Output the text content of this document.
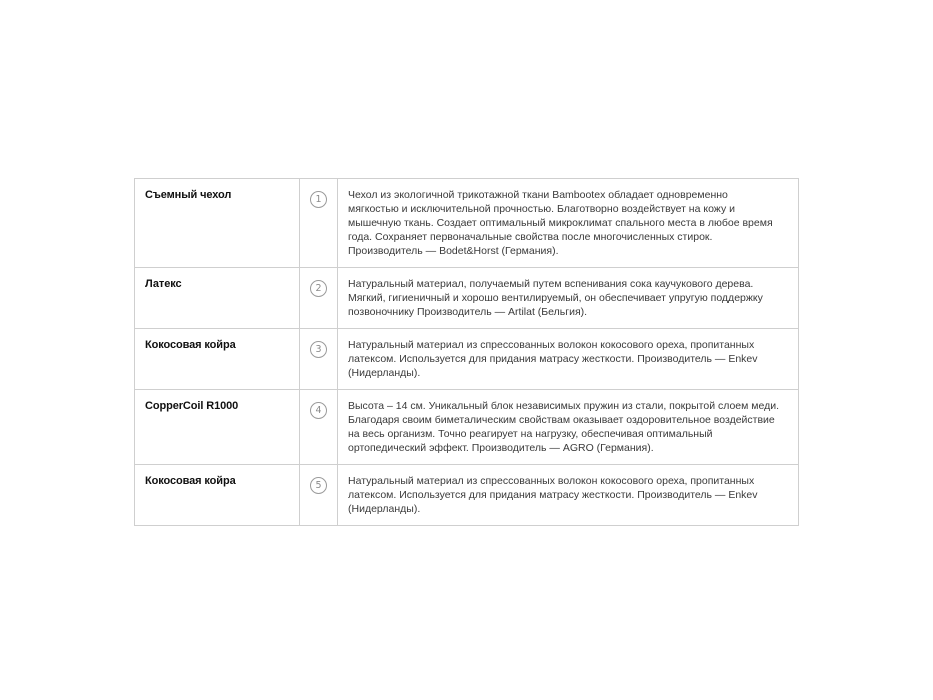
Съемный чехол	1	Чехол из экологичной трикотажной ткани Bambootex обладает одновременно мягкостью и исключительной прочностью. Благотворно воздействует на кожу и мышечную ткань. Создает оптимальный микроклимат спального места в любое время года. Сохраняет первоначальные свойства после многочисленных стирок. Производитель — Bodet&Horst (Германия).
Латекс	2	Натуральный материал, получаемый путем вспенивания сока каучукового дерева. Мягкий, гигиеничный и хорошо вентилируемый, он обеспечивает упругую поддержку позвоночнику Производитель — Artilat (Бельгия).
Кокосовая койра	3	Натуральный материал из спрессованных волокон кокосового ореха, пропитанных латексом. Используется для придания матрасу жесткости. Производитель — Enkev (Нидерланды).
CopperCoil R1000	4	Высота – 14 см. Уникальный блок независимых пружин из стали, покрытой слоем меди. Благодаря своим биметалическим свойствам оказывает оздоровительное воздействие на весь организм. Точно реагирует на нагрузку, обеспечивая оптимальный ортопедический эффект. Производитель — AGRO (Германия).
Кокосовая койра	5	Натуральный материал из спрессованных волокон кокосового ореха, пропитанных латексом. Используется для придания матрасу жесткости. Производитель — Enkev (Нидерланды).
